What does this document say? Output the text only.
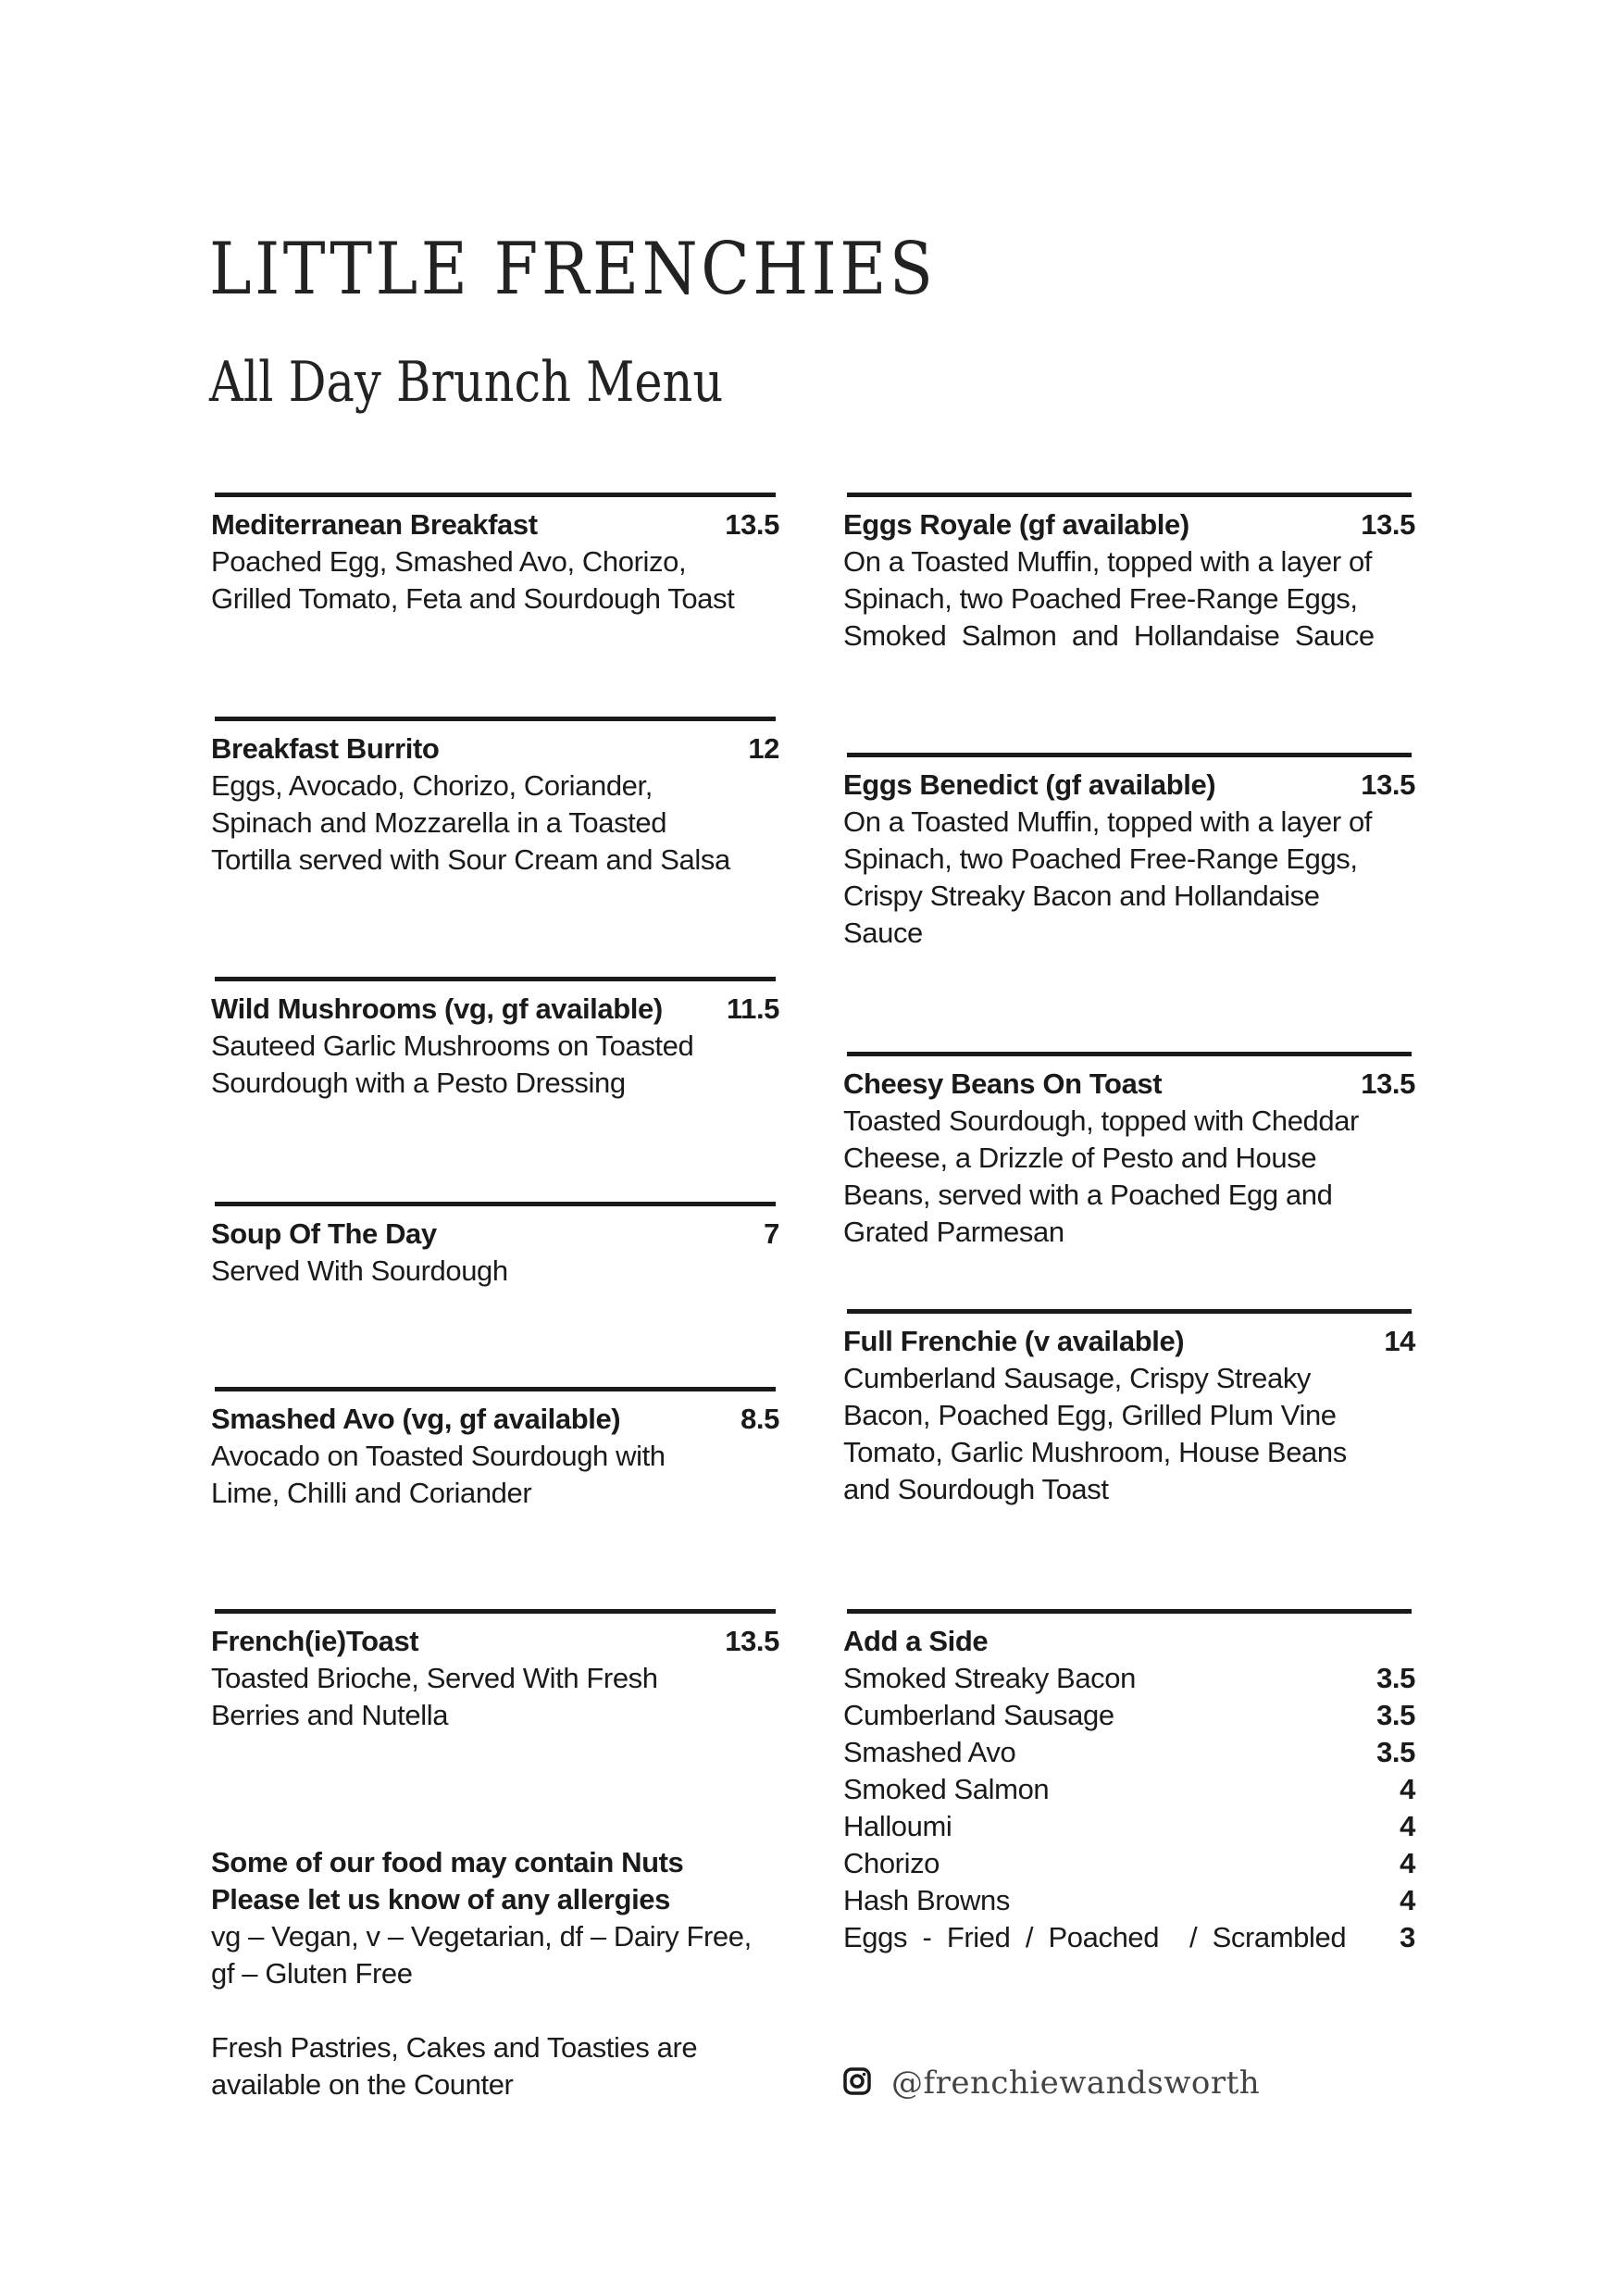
LITTLE FRENCHIES
All Day Brunch Menu
Mediterranean Breakfast	13.5
Poached Egg, Smashed Avo, Chorizo,
Grilled Tomato, Feta and Sourdough Toast
Breakfast Burrito	12
Eggs, Avocado, Chorizo, Coriander,
Spinach and Mozzarella in a Toasted
Tortilla served with Sour Cream and Salsa
Wild Mushrooms (vg, gf available) 11.5
Sauteed Garlic Mushrooms on Toasted
Sourdough with a Pesto Dressing
Soup Of The Day	7
Served With Sourdough
Smashed Avo (vg, gf available)	8.5
Avocado on Toasted Sourdough with
Lime, Chilli and Coriander
French(ie)Toast	13.5
Toasted Brioche, Served With Fresh
Berries and Nutella
Eggs Royale (gf available)	13.5
On a Toasted Muffin, topped with a layer of
Spinach, two Poached Free-Range Eggs,
Smoked  Salmon  and  Hollandaise  Sauce
Eggs Benedict (gf available)	13.5
On a Toasted Muffin, topped with a layer of
Spinach, two Poached Free-Range Eggs,
Crispy Streaky Bacon and Hollandaise
Sauce
Cheesy Beans On Toast	13.5
Toasted Sourdough, topped with Cheddar
Cheese, a Drizzle of Pesto and House
Beans, served with a Poached Egg and
Grated Parmesan
Full Frenchie (v available)	14
Cumberland Sausage, Crispy Streaky
Bacon, Poached Egg, Grilled Plum Vine
Tomato, Garlic Mushroom, House Beans
and Sourdough Toast
Add a Side
Smoked Streaky Bacon	3.5
Cumberland Sausage	3.5
Smashed Avo	3.5
Smoked Salmon	4
Halloumi	4
Chorizo	4
Hash Browns	4
Eggs  -  Fried  /  Poached    /  Scrambled 3
Some of our food may contain Nuts
Please let us know of any allergies
vg – Vegan, v – Vegetarian, df – Dairy Free,
gf – Gluten Free
Fresh Pastries, Cakes and Toasties are
available on the Counter	@frenchiewandsworth
